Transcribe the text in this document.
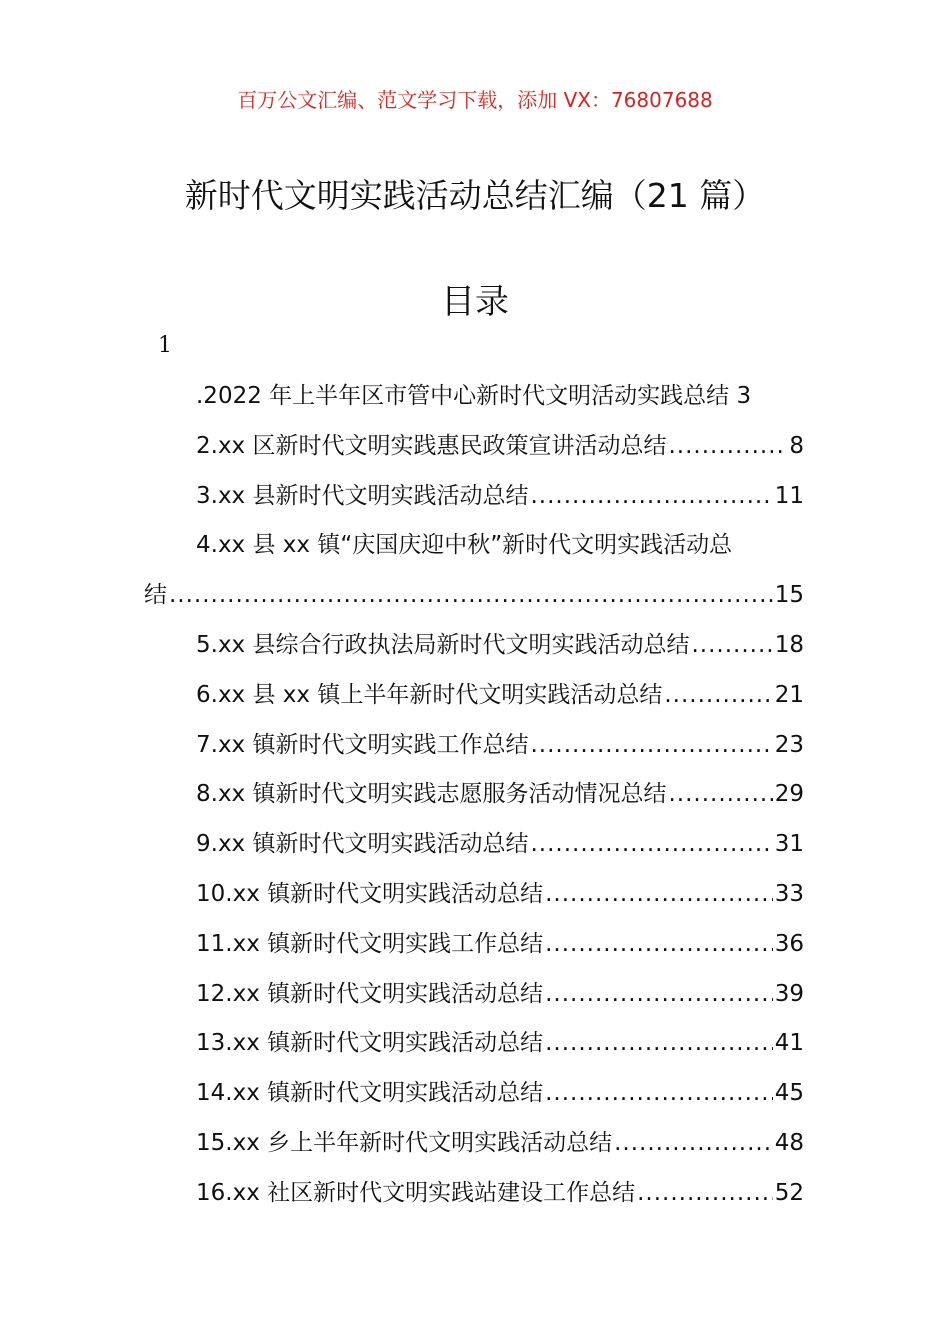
百万公文汇编、范文学习下载，添加 VX：76807688
新时代文明实践活动总结汇编（21 篇）
目录
1
.2022 年上半年区市管中心新时代文明活动实践总结 3
2.xx 区新时代文明实践惠民政策宣讲活动总结 .....	8
3.xx 县新时代文明实践活动总结 .....	11
4.xx 县 xx 镇“庆国庆迎中秋”新时代文明实践活动总
结 .....	15
5.xx 县综合行政执法局新时代文明实践活动总结 .....	18
6.xx 县 xx 镇上半年新时代文明实践活动总结 .....	21
7.xx 镇新时代文明实践工作总结 .....	23
8.xx 镇新时代文明实践志愿服务活动情况总结 .....	29
9.xx 镇新时代文明实践活动总结 .....	31
10.xx 镇新时代文明实践活动总结 .....	33
11.xx 镇新时代文明实践工作总结 .....	36
12.xx 镇新时代文明实践活动总结 .....	39
13.xx 镇新时代文明实践活动总结 .....	41
14.xx 镇新时代文明实践活动总结 .....	45
15.xx 乡上半年新时代文明实践活动总结 .....	48
16.xx 社区新时代文明实践站建设工作总结 .....	52
